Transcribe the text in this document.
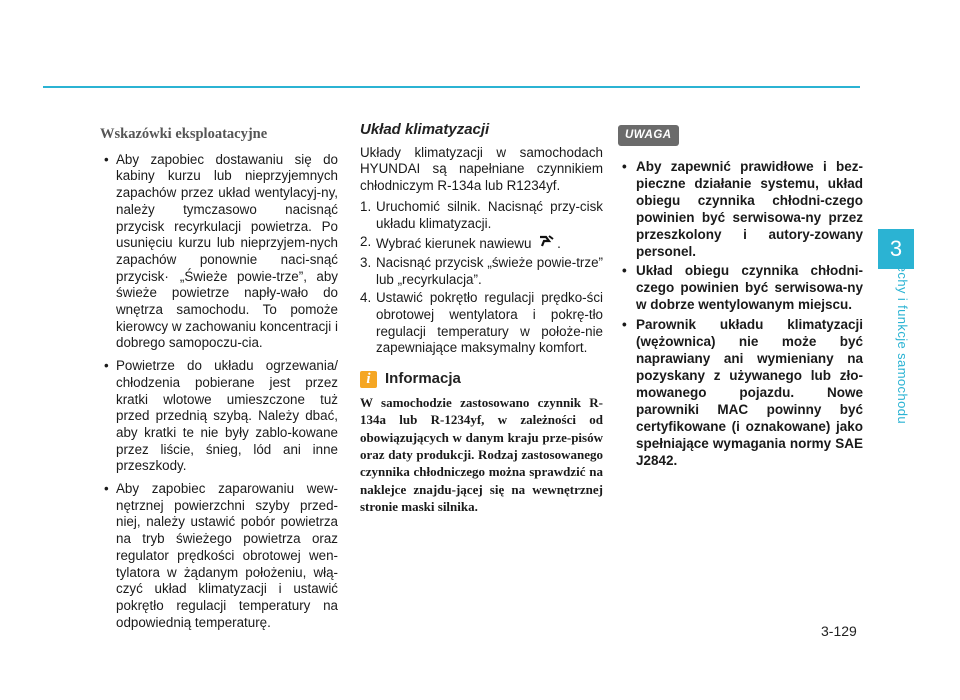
3
Cechy i funkcje samochodu
Wskazówki eksploatacyjne
• Aby zapobiec dostawaniu się do kabiny kurzu lub nieprzyjemnych zapachów przez układ wentylacyj-ny, należy tymczasowo nacisnąć przycisk recyrkulacji powietrza. Po usunięciu kurzu lub nieprzyjem-nych zapachów ponownie naci-snąć przycisk· „Świeże powie-trze”, aby świeże powietrze napły-wało do wnętrza samochodu. To pomoże kierowcy w zachowaniu koncentracji i dobrego samopoczu-cia.
• Powietrze do układu ogrzewania/ chłodzenia pobierane jest przez kratki wlotowe umieszczone tuż przed przednią szybą. Należy dbać, aby kratki te nie były zablo-kowane przez liście, śnieg, lód ani inne przeszkody.
• Aby zapobiec zaparowaniu wew-nętrznej powierzchni szyby przed-niej, należy ustawić pobór powietrza na tryb świeżego powietrza oraz regulator prędkości obrotowej wen-tylatora w żądanym położeniu, włą-czyć układ klimatyzacji i ustawić pokrętło regulacji temperatury na odpowiednią temperaturę.
Układ klimatyzacji

Układy klimatyzacji w samochodach HYUNDAI są napełniane czynnikiem chłodniczym R-134a lub R1234yf.

1. Uruchomić silnik. Nacisnąć przy-cisk układu klimatyzacji.
2. Wybrać kierunek nawiewu .
3. Nacisnąć przycisk „świeże powie-trze” lub „recyrkulacja”.
4. Ustawić pokrętło regulacji prędko-ści obrotowej wentylatora i pokrę-tło regulacji temperatury w położe-nie zapewniające maksymalny komfort.
i Informacja
W samochodzie zastosowano czynnik R-134a lub R-1234yf, w zależności od obowiązujących w danym kraju prze-pisów oraz daty produkcji. Rodzaj zastosowanego czynnika chłodniczego można sprawdzić na naklejce znajdu-jącej się na wewnętrznej stronie maski silnika.
UWAGA
• Aby zapewnić prawidłowe i bez-pieczne działanie systemu, układ obiegu czynnika chłodni-czego powinien być serwisowa-ny przez przeszkolony i autory-zowany personel.
• Układ obiegu czynnika chłodni-czego powinien być serwisowa-ny w dobrze wentylowanym miejscu.
• Parownik układu klimatyzacji (wężownica) nie może być naprawiany ani wymieniany na pozyskany z używanego lub zło-mowanego pojazdu. Nowe parowniki MAC powinny być certyfikowane (i oznakowane) jako spełniające wymagania normy SAE J2842.
3-129
